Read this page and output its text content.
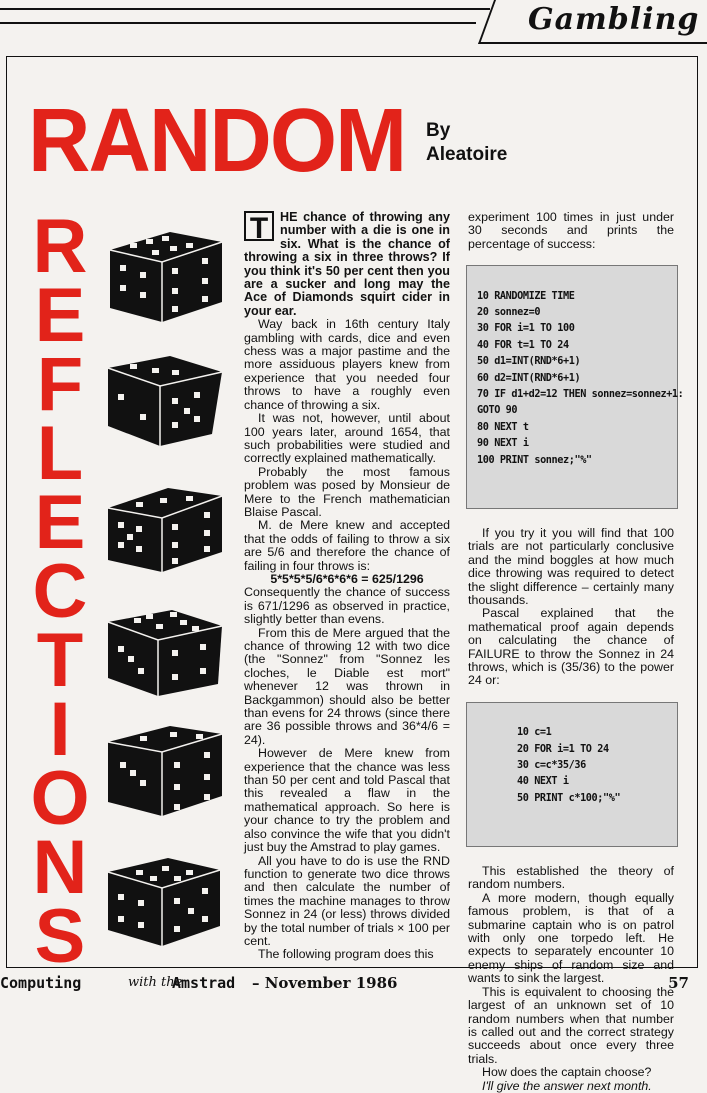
Gambling
RANDOM By
Aleatoire
R
E
F
L
E
C
T
I
O
N
S

T HE chance of throwing any number with a die is one in six. What is the chance of throwing a six in three throws? If you think it's 50 per cent then you are a sucker and long may the Ace of Diamonds squirt cider in your ear.

Way back in 16th century Italy gambling with cards, dice and even chess was a major pastime and the more assiduous players knew from experience that you needed four throws to have a roughly even chance of throwing a six.

It was not, however, until about 100 years later, around 1654, that such probabilities were studied and correctly explained mathematically.

Probably the most famous problem was posed by Monsieur de Mere to the French mathematician Blaise Pascal.

M. de Mere knew and accepted that the odds of failing to throw a six are 5/6 and therefore the chance of failing in four throws is:

5*5*5*5/6*6*6*6 = 625/1296

Consequently the chance of success is 671/1296 as observed in practice, slightly better than evens.

From this de Mere argued that the chance of throwing 12 with two dice (the "Sonnez" from "Sonnez les cloches, le Diable est mort" whenever 12 was thrown in Backgammon) should also be better than evens for 24 throws (since there are 36 possible throws and 36*4/6 = 24).

However de Mere knew from experience that the chance was less than 50 per cent and told Pascal that this revealed a flaw in the mathematical approach. So here is your chance to try the problem and also convince the wife that you didn't just buy the Amstrad to play games.

All you have to do is use the RND function to generate two dice throws and then calculate the number of times the machine manages to throw Sonnez in 24 (or less) throws divided by the total number of trials × 100 per cent.

The following program does this

experiment 100 times in just under 30 seconds and prints the percentage of success:

10 RANDOMIZE TIME
20 sonnez=0
30 FOR i=1 TO 100
40 FOR t=1 TO 24
50 d1=INT(RND*6+1)
60 d2=INT(RND*6+1)
70 IF d1+d2=12 THEN sonnez=sonnez+1:
GOTO 90
80 NEXT t
90 NEXT i
100 PRINT sonnez;"%"

If you try it you will find that 100 trials are not particularly conclusive and the mind boggles at how much dice throwing was required to detect the slight difference – certainly many thousands.

Pascal explained that the mathematical proof again depends on calculating the chance of FAILURE to throw the Sonnez in 24 throws, which is (35/36) to the power 24 or:

10 c=1
20 FOR i=1 TO 24
30 c=c*35/36
40 NEXT i
50 PRINT c*100;"%"

This established the theory of random numbers.

A more modern, though equally famous problem, is that of a submarine captain who is on patrol with only one torpedo left. He expects to separately encounter 10 enemy ships of random size and wants to sink the largest.

This is equivalent to choosing the largest of an unknown set of 10 random numbers when that number is called out and the correct strategy succeeds about once every three trials.

How does the captain choose?

I'll give the answer next month.

Computing	with the
Amstrad – November 1986	57
